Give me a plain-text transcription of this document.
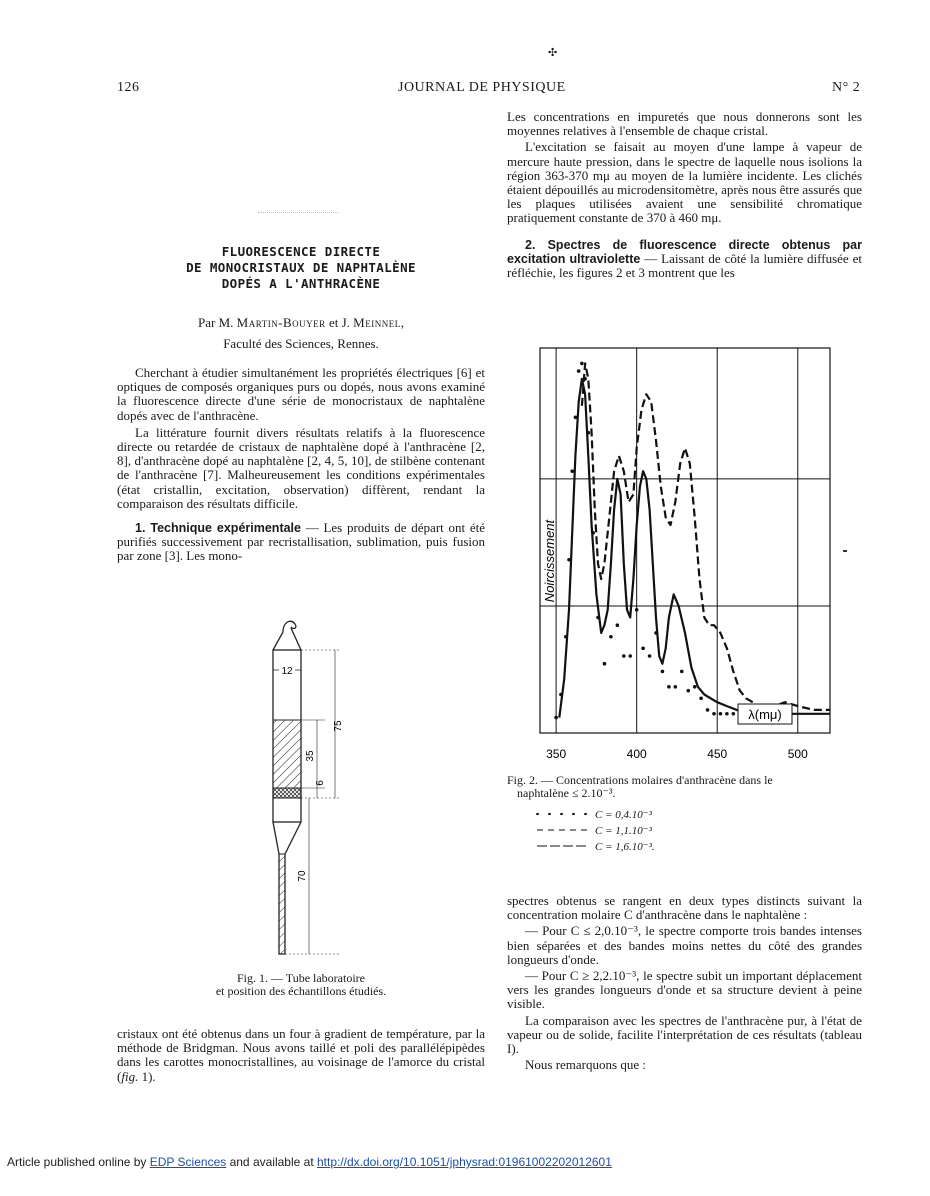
126	JOURNAL DE PHYSIQUE	N° 2
✣
FLUORESCENCE DIRECTE
DE MONOCRISTAUX DE NAPHTALÈNE
DOPÉS A L'ANTHRACÈNE
Par M. Martin-Bouyer et J. Meinnel,
Faculté des Sciences, Rennes.

Cherchant à étudier simultanément les propriétés électriques [6] et optiques de composés organiques purs ou dopés, nous avons examiné la fluorescence directe d'une série de monocristaux de naphtalène dopés avec de l'anthracène.

La littérature fournit divers résultats relatifs à la fluorescence directe ou retardée de cristaux de naphtalène dopé à l'anthracène [2, 8], d'anthracène dopé au naphtalène [2, 4, 5, 10], de stilbène contenant de l'anthracène [7]. Malheureusement les conditions expérimentales (état cristallin, excitation, observation) diffèrent, rendant la comparaison des résultats difficile.

1. Technique expérimentale — Les produits de départ ont été purifiés successivement par recristallisation, sublimation, puis fusion par zone [3]. Les mono-

12
75
35
6
70
Fig. 1. — Tube laboratoire
et position des échantillons étudiés.

cristaux ont été obtenus dans un four à gradient de température, par la méthode de Bridgman. Nous avons taillé et poli des parallélépipèdes dans les carottes monocristallines, au voisinage de l'amorce du cristal (fig. 1).

Les concentrations en impuretés que nous donnerons sont les moyennes relatives à l'ensemble de chaque cristal.

L'excitation se faisait au moyen d'une lampe à vapeur de mercure haute pression, dans le spectre de laquelle nous isolions la région 363-370 mμ au moyen de la lumière incidente. Les clichés étaient dépouillés au microdensitomètre, après nous être assurés que les plaques utilisées avaient une sensibilité chromatique pratiquement constante de 370 à 460 mμ.

2. Spectres de fluorescence directe obtenus par excitation ultraviolette — Laissant de côté la lumière diffusée et réfléchie, les figures 2 et 3 montrent que les

350	400	450	500
Noircissement
λ(mμ)
Fig. 2. — Concentrations molaires d'anthracène dans le
naphtalène ≤ 2.10⁻³.
C = 0,4.10⁻³
C = 1,1.10⁻³
C = 1,6.10⁻³.

spectres obtenus se rangent en deux types distincts suivant la concentration molaire C d'anthracène dans le naphtalène :

— Pour C ≤ 2,0.10⁻³, le spectre comporte trois bandes intenses bien séparées et des bandes moins nettes du côté des grandes longueurs d'onde.

— Pour C ≥ 2,2.10⁻³, le spectre subit un important déplacement vers les grandes longueurs d'onde et sa structure devient à peine visible.

La comparaison avec les spectres de l'anthracène pur, à l'état de vapeur ou de solide, facilite l'interprétation de ces résultats (tableau I).

Nous remarquons que :

Article published online by EDP Sciences and available at http://dx.doi.org/10.1051/jphysrad:01961002202012601
